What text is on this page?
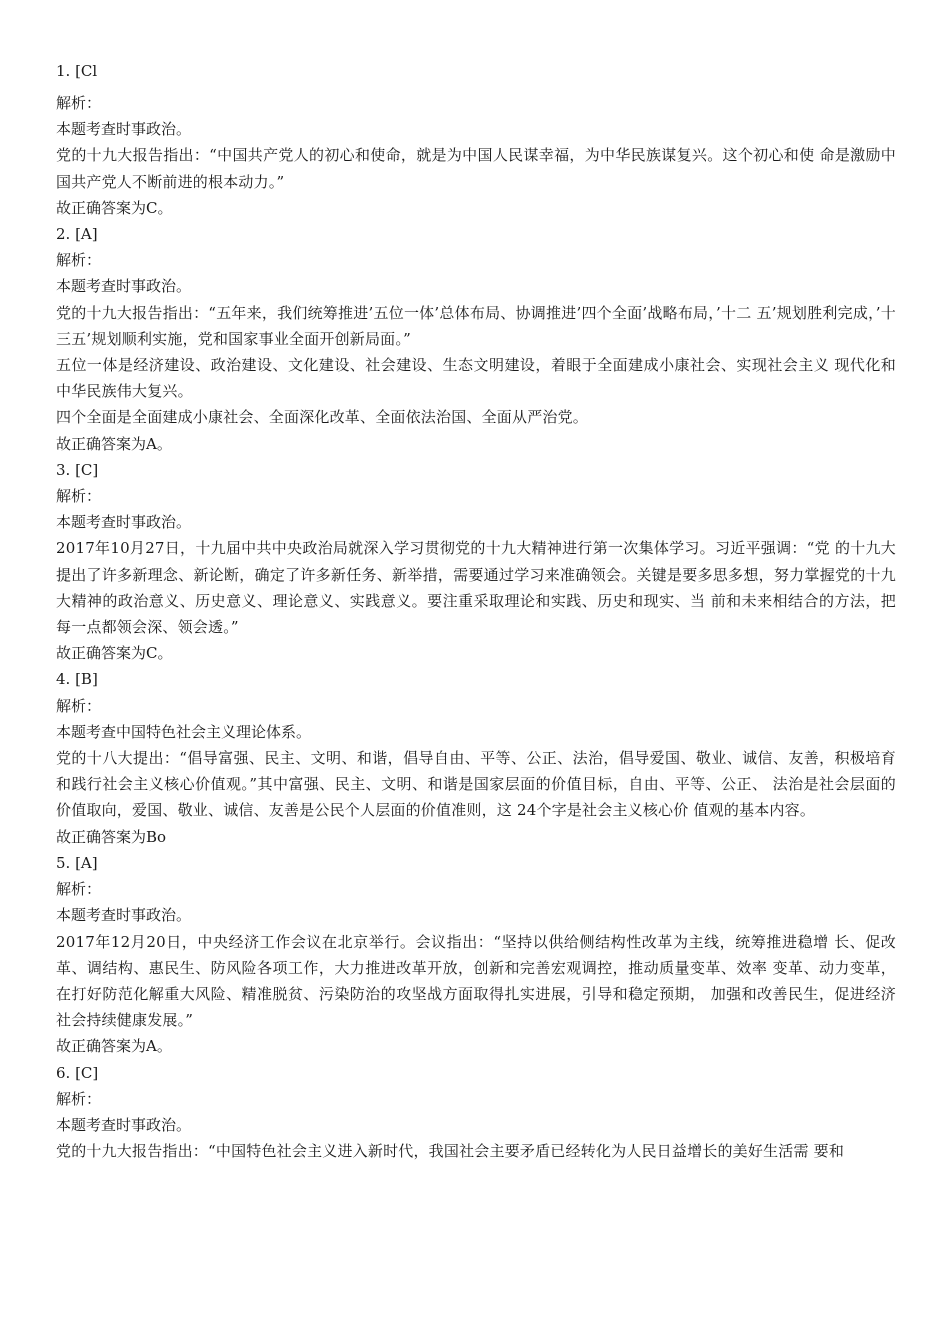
1. [Cl
解析：
本题考查时事政治。
党的十九大报告指出：“中国共产党人的初心和使命，就是为中国人民谋幸福，为中华民族谋复兴。这个初心和使 命是激励中国共产党人不断前进的根本动力。”
故正确答案为C。
2. [A]
解析：
本题考查时事政治。
党的十九大报告指出：“五年来，我们统筹推进’五位一体’总体布局、协调推进’四个全面’战略布局，’十二 五’规划胜利完成，’十三五’规划顺利实施，党和国家事业全面开创新局面。”
五位一体是经济建设、政治建设、文化建设、社会建设、生态文明建设，着眼于全面建成小康社会、实现社会主义 现代化和中华民族伟大复兴。
四个全面是全面建成小康社会、全面深化改革、全面依法治国、全面从严治党。
故正确答案为A。
3. [C]
解析：
本题考查时事政治。
2017年10月27日，十九届中共中央政治局就深入学习贯彻党的十九大精神进行第一次集体学习。习近平强调：“党 的十九大提出了许多新理念、新论断，确定了许多新任务、新举措，需要通过学习来准确领会。关键是要多思多想，努力掌握党的十九大精神的政治意义、历史意义、理论意义、实践意义。要注重采取理论和实践、历史和现实、当 前和未来相结合的方法，把每一点都领会深、领会透。”
故正确答案为C。
4. [B]
解析：
本题考查中国特色社会主义理论体系。
党的十八大提出：“倡导富强、民主、文明、和谐，倡导自由、平等、公正、法治，倡导爱国、敬业、诚信、友善，积极培育和践行社会主义核心价值观。”其中富强、民主、文明、和谐是国家层面的价值目标，自由、平等、公正、 法治是社会层面的价值取向，爱国、敬业、诚信、友善是公民个人层面的价值准则，这 24个字是社会主义核心价 值观的基本内容。
故正确答案为Bo
5. [A]
解析：
本题考查时事政治。
2017年12月20日，中央经济工作会议在北京举行。会议指出：“坚持以供给侧结构性改革为主线，统筹推进稳增 长、促改革、调结构、惠民生、防风险各项工作，大力推进改革开放，创新和完善宏观调控，推动质量变革、效率 变革、动力变革，在打好防范化解重大风险、精准脱贫、污染防治的攻坚战方面取得扎实进展，引导和稳定预期， 加强和改善民生，促进经济社会持续健康发展。”
故正确答案为A。
6. [C]
解析：
本题考查时事政治。
党的十九大报告指出：“中国特色社会主义进入新时代，我国社会主要矛盾已经转化为人民日益增长的美好生活需 要和
